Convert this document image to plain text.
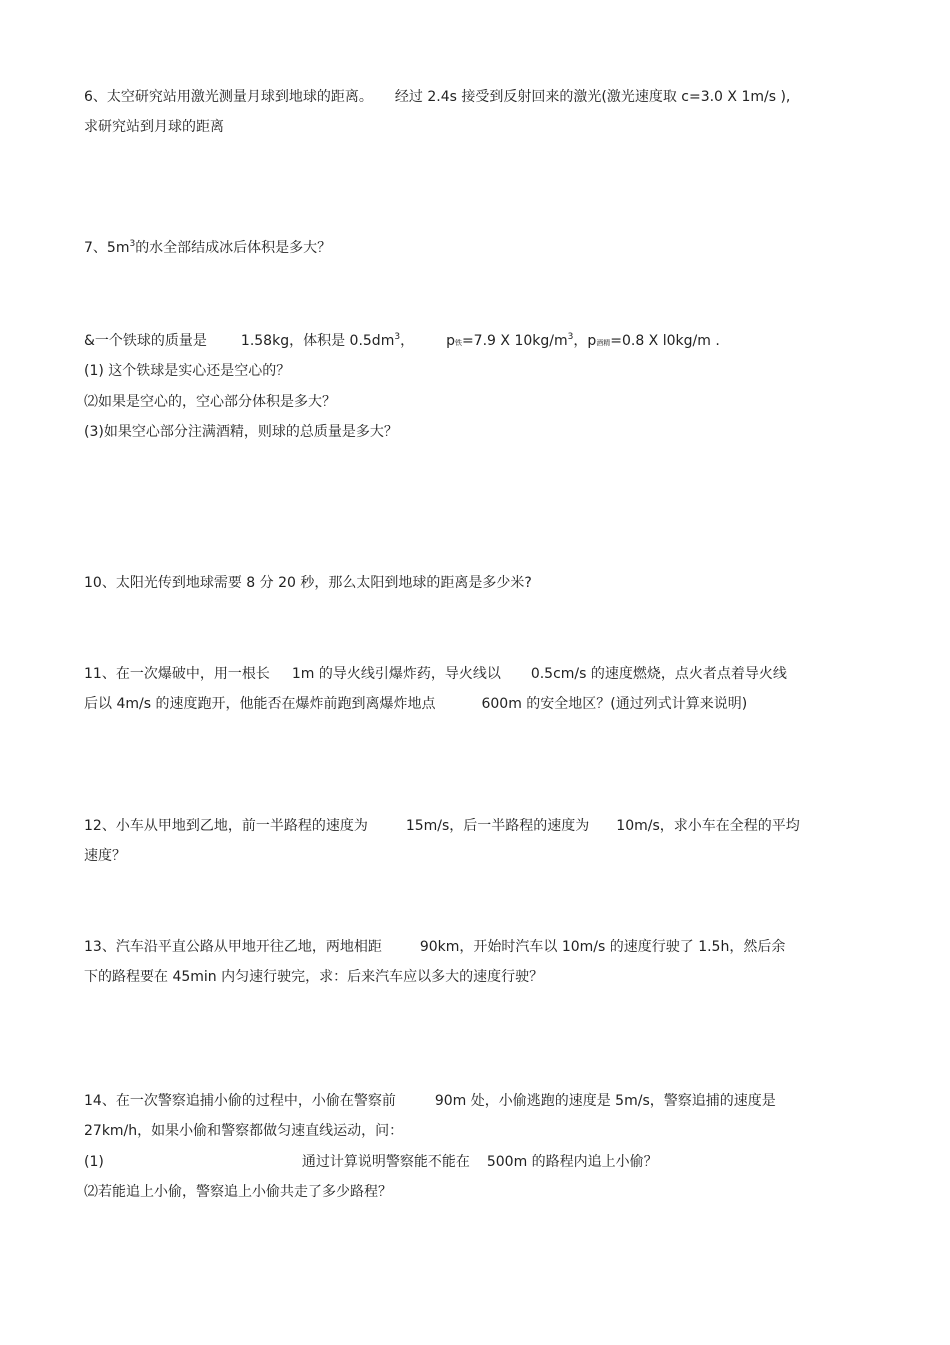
6、太空研究站用激光测量月球到地球的距离。 经过 2.4s 接受到反射回来的激光(激光速度取 c=3.0 X 1m/s ),
求研究站到月球的距离
7、$5m^3$的水全部结成冰后体积是多大？
&一个铁球的质量是 1.58kg，体积是 $0.5dm^3$， p铁=7.9 X $10kg/m^3$，p酒精=0.8 X l0kg/m .
(1) 这个铁球是实心还是空心的？
⑵如果是空心的，空心部分体积是多大？
(3)如果空心部分注满酒精，则球的总质量是多大？
10、太阳光传到地球需要 8 分 20 秒，那么太阳到地球的距离是多少米?
11、在一次爆破中，用一根长 1m 的导火线引爆炸药，导火线以 0.5cm/s 的速度燃烧，点火者点着导火线
后以 4m/s 的速度跑开，他能否在爆炸前跑到离爆炸地点	600m 的安全地区？(通过列式计算来说明)
12、小车从甲地到乙地，前一半路程的速度为	15m/s，后一半路程的速度为 10m/s，求小车在全程的平均
速度？
13、汽车沿平直公路从甲地开往乙地，两地相距	90km，开始时汽车以 10m/s 的速度行驶了 1.5h，然后余
下的路程要在 45min 内匀速行驶完，求：后来汽车应以多大的速度行驶？
14、在一次警察追捕小偷的过程中，小偷在警察前	90m 处，小偷逃跑的速度是 5m/s，警察追捕的速度是
27km/h，如果小偷和警察都做匀速直线运动，问：
(1)	通过计算说明警察能不能在 500m 的路程内追上小偷？
⑵若能追上小偷，警察追上小偷共走了多少路程？
